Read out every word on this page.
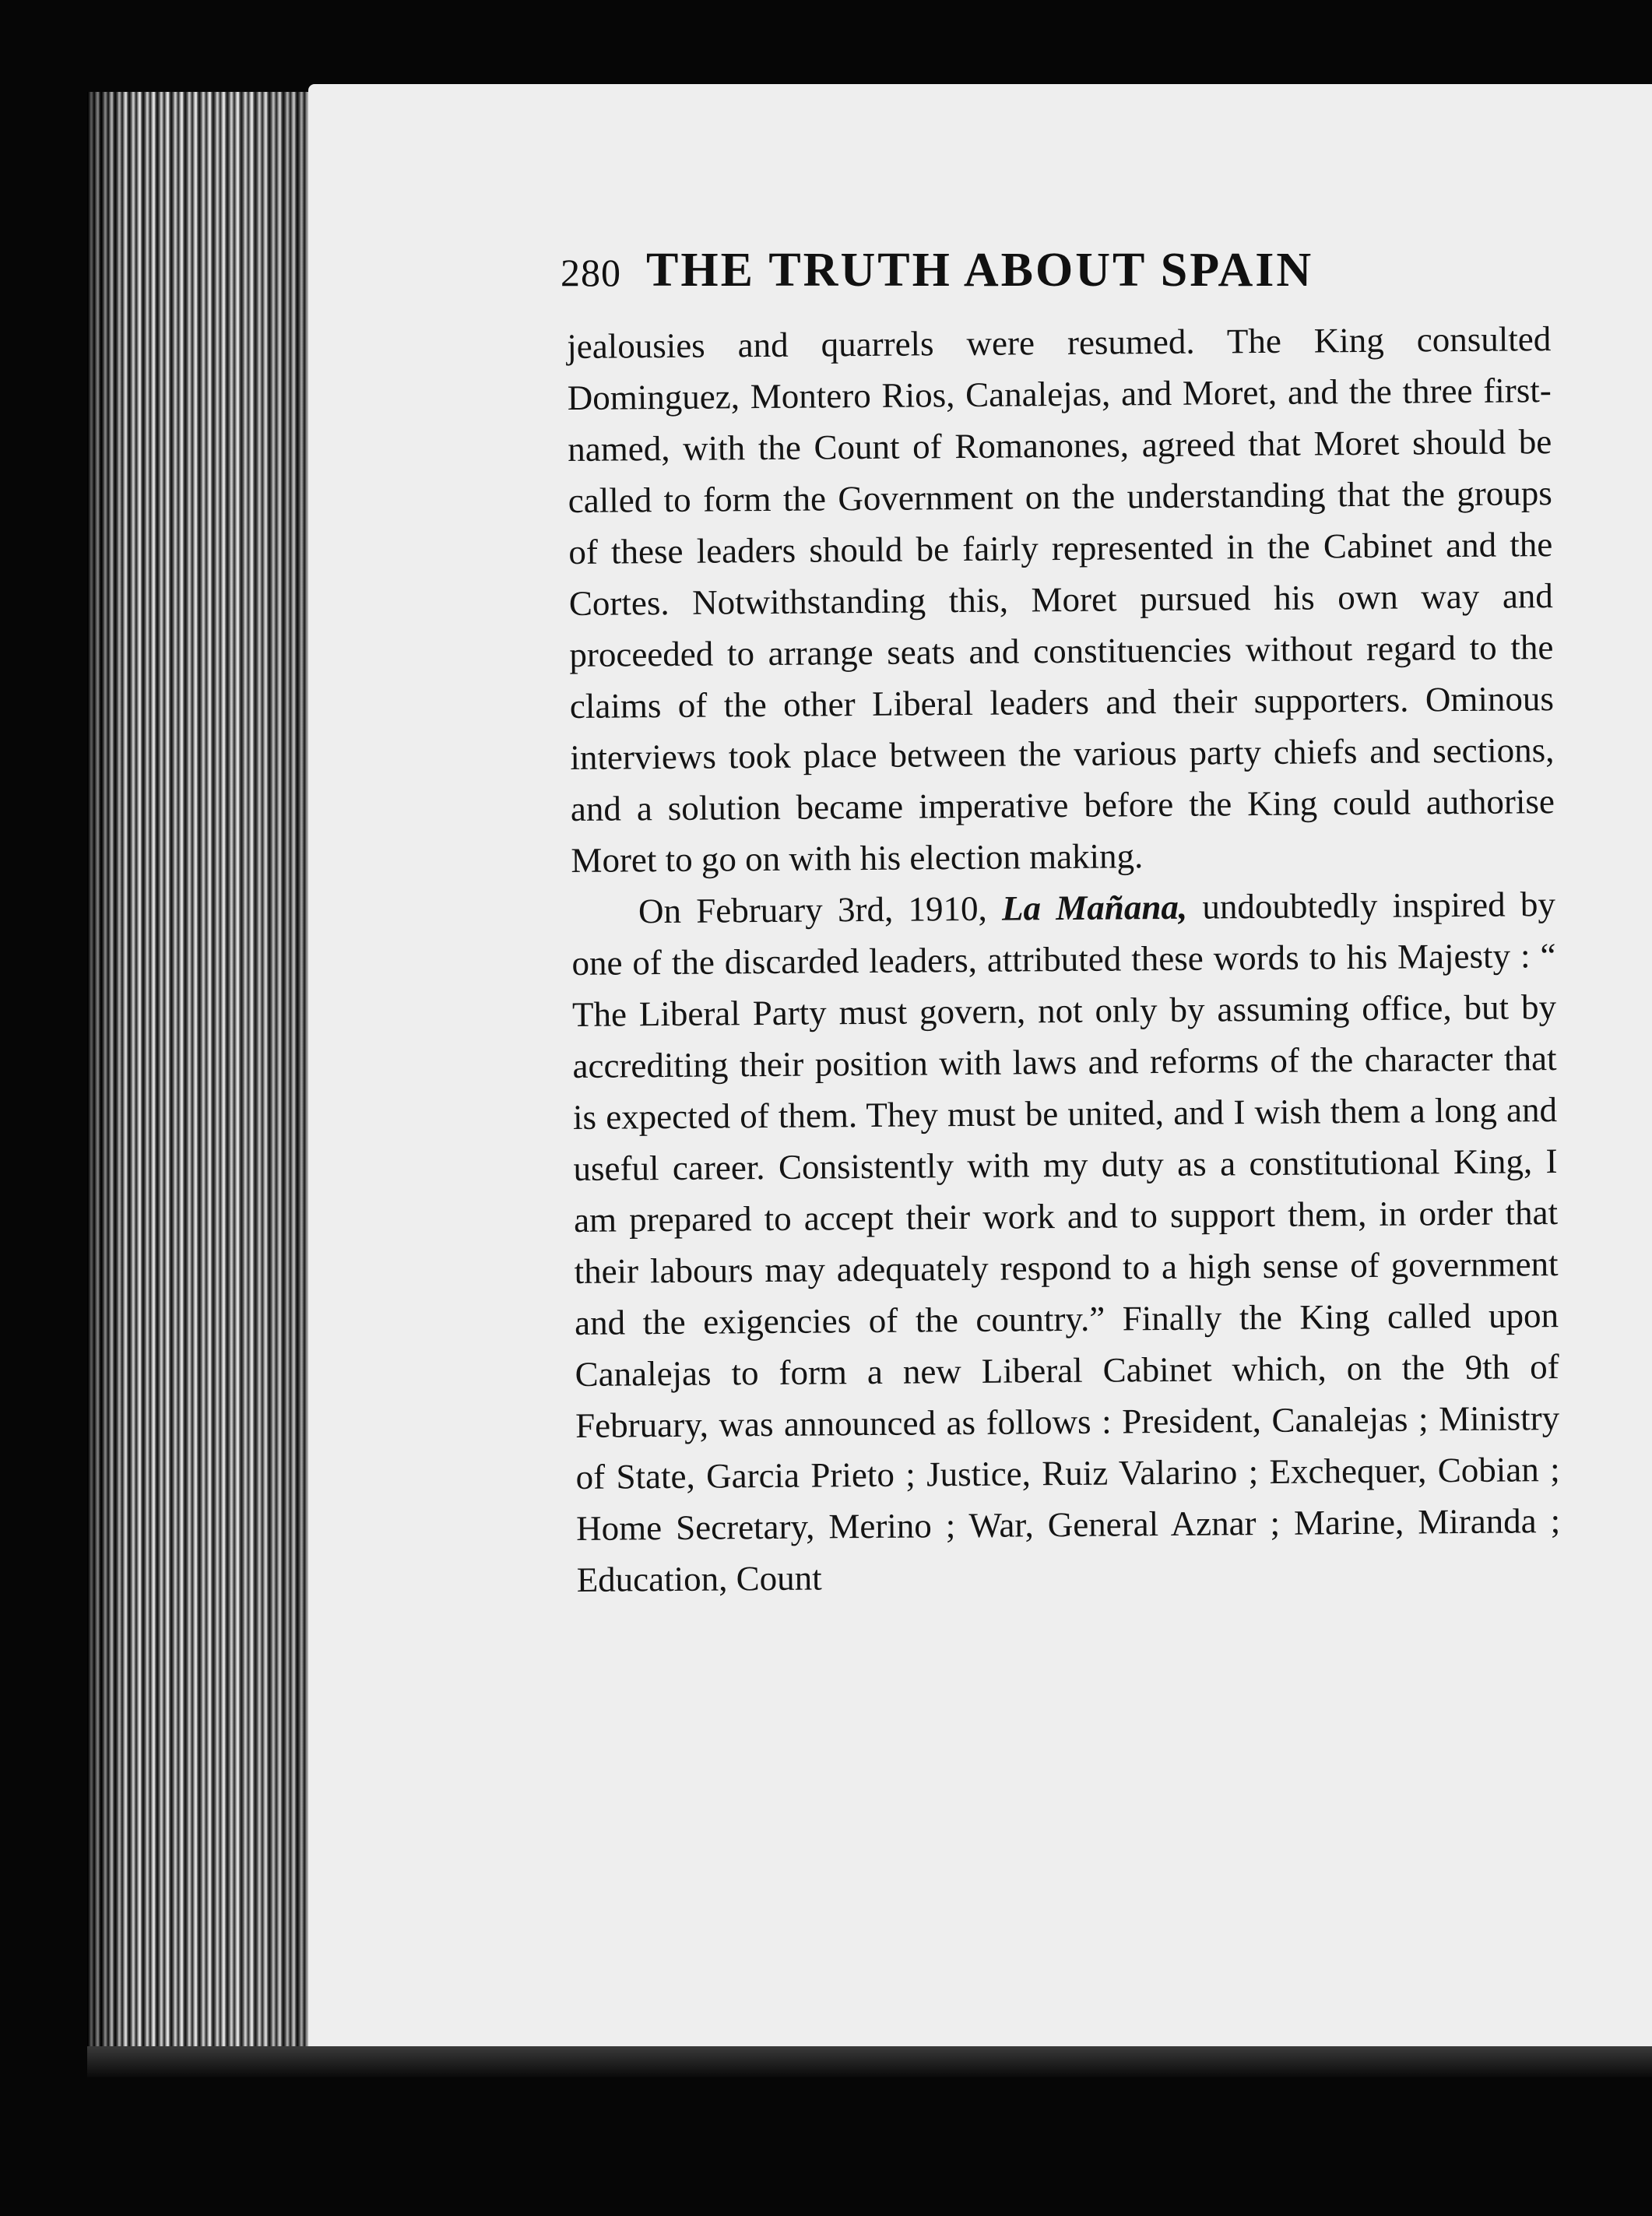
280 THE TRUTH ABOUT SPAIN

jealousies and quarrels were resumed. The King consulted Dominguez, Montero Rios, Canalejas, and Moret, and the three first-named, with the Count of Romanones, agreed that Moret should be called to form the Government on the understanding that the groups of these leaders should be fairly represented in the Cabinet and the Cortes. Notwithstanding this, Moret pursued his own way and proceeded to arrange seats and constituencies without regard to the claims of the other Liberal leaders and their supporters. Ominous interviews took place between the various party chiefs and sections, and a solution became imperative before the King could authorise Moret to go on with his election making.

On February 3rd, 1910, La Mañana, undoubtedly inspired by one of the discarded leaders, attributed these words to his Majesty : “ The Liberal Party must govern, not only by assuming office, but by accrediting their position with laws and reforms of the character that is expected of them. They must be united, and I wish them a long and useful career. Consistently with my duty as a constitutional King, I am prepared to accept their work and to support them, in order that their labours may adequately respond to a high sense of government and the exigencies of the country.” Finally the King called upon Canalejas to form a new Liberal Cabinet which, on the 9th of February, was announced as follows : President, Canalejas ; Ministry of State, Garcia Prieto ; Justice, Ruiz Valarino ; Exchequer, Cobian ; Home Secretary, Merino ; War, General Aznar ; Marine, Miranda ; Education, Count
